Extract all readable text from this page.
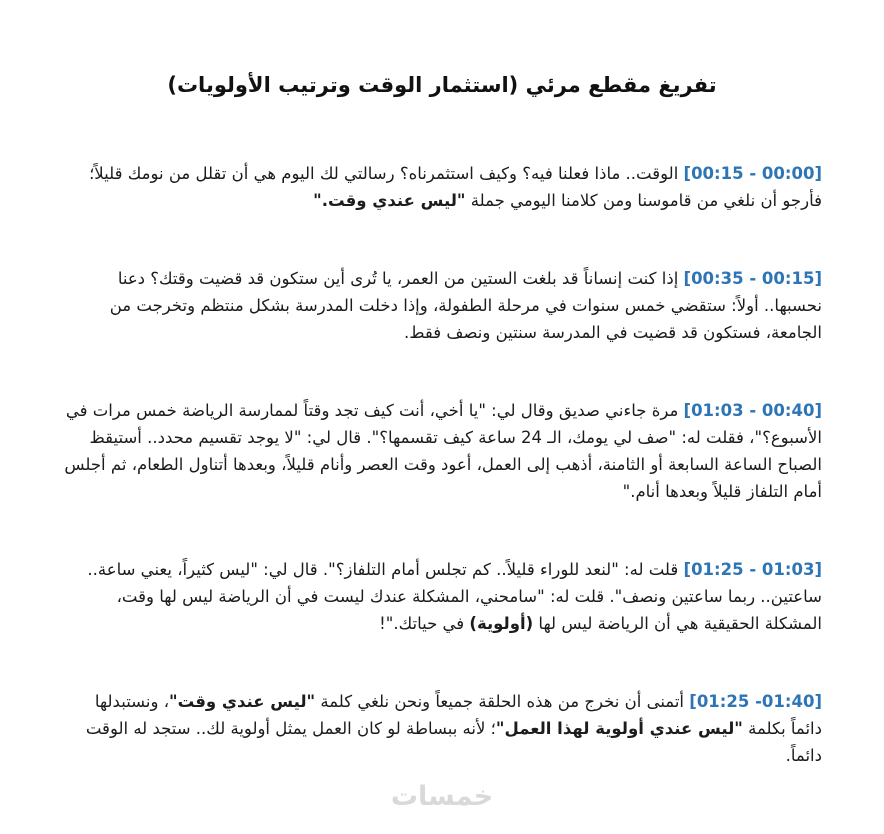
تفريغ مقطع مرئي (استثمار الوقت وترتيب الأولويات)

[00:15 - 00:00] الوقت.. ماذا فعلنا فيه؟ وكيف استثمرناه؟ رسالتي لك اليوم هي أن تقلل من نومك قليلاً؛ فأرجو أن نلغي من قاموسنا ومن كلامنا اليومي جملة "ليس عندي وقت."

[00:35 - 00:15] إذا كنت إنساناً قد بلغت الستين من العمر، يا تُرى أين ستكون قد قضيت وقتك؟ دعنا نحسبها.. أولاً: ستقضي خمس سنوات في مرحلة الطفولة، وإذا دخلت المدرسة بشكل منتظم وتخرجت من الجامعة، فستكون قد قضيت في المدرسة سنتين ونصف فقط.

[01:03 - 00:40] مرة جاءني صديق وقال لي: "يا أخي، أنت كيف تجد وقتاً لممارسة الرياضة خمس مرات في الأسبوع؟"، فقلت له: "صف لي يومك، الـ 24 ساعة كيف تقسمها؟". قال لي: "لا يوجد تقسيم محدد.. أستيقظ الصباح الساعة السابعة أو الثامنة، أذهب إلى العمل، أعود وقت العصر وأنام قليلاً، وبعدها أتناول الطعام، ثم أجلس أمام التلفاز قليلاً وبعدها أنام."

[01:25 - 01:03] قلت له: "لنعد للوراء قليلاً.. كم تجلس أمام التلفاز؟". قال لي: "ليس كثيراً، يعني ساعة.. ساعتين.. ربما ساعتين ونصف". قلت له: "سامحني، المشكلة عندك ليست في أن الرياضة ليس لها وقت، المشكلة الحقيقية هي أن الرياضة ليس لها (أولوية) في حياتك."!

[01:25 -01:40] أتمنى أن نخرج من هذه الحلقة جميعاً ونحن نلغي كلمة "ليس عندي وقت"، ونستبدلها دائماً بكلمة "ليس عندي أولوية لهذا العمل"؛ لأنه ببساطة لو كان العمل يمثل أولوية لك.. ستجد له الوقت دائماً.

خمسات
